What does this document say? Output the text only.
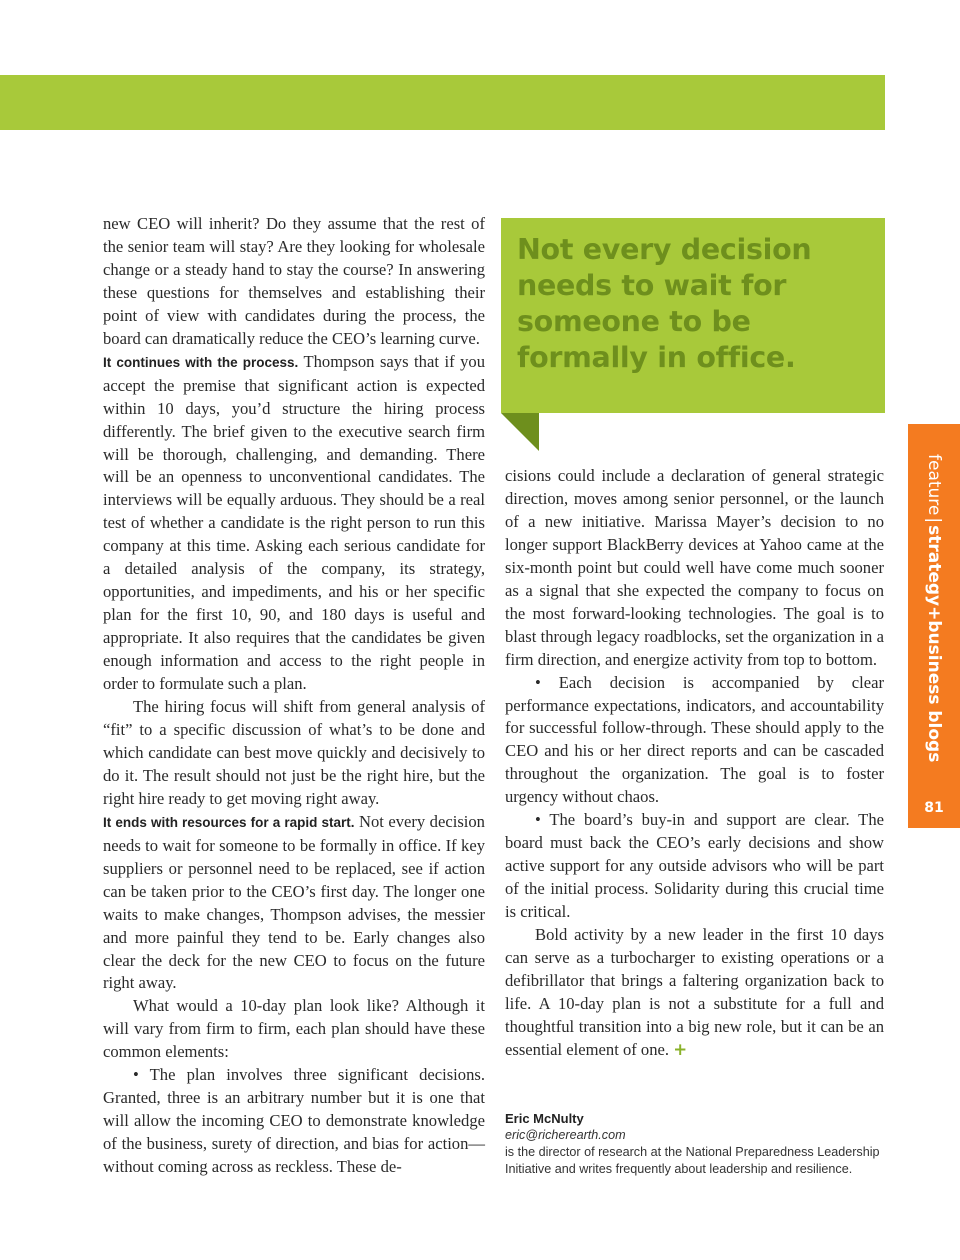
new CEO will inherit? Do they assume that the rest of the senior team will stay? Are they looking for wholesale change or a steady hand to stay the course? In answering these questions for themselves and establishing their point of view with candidates during the process, the board can dramatically reduce the CEO’s learning curve.

It continues with the process. Thompson says that if you accept the premise that significant action is expected within 10 days, you’d structure the hiring process differently. The brief given to the executive search firm will be thorough, challenging, and demanding. There will be an openness to unconventional candidates. The interviews will be equally arduous. They should be a real test of whether a candidate is the right person to run this company at this time. Asking each serious candidate for a detailed analysis of the company, its strategy, opportunities, and impediments, and his or her specific plan for the first 10, 90, and 180 days is useful and appropriate. It also requires that the candidates be given enough information and access to the right people in order to formulate such a plan.

The hiring focus will shift from general analysis of “fit” to a specific discussion of what’s to be done and which candidate can best move quickly and decisively to do it. The result should not just be the right hire, but the right hire ready to get moving right away.

It ends with resources for a rapid start. Not every decision needs to wait for someone to be formally in office. If key suppliers or personnel need to be replaced, see if action can be taken prior to the CEO’s first day. The longer one waits to make changes, Thompson advises, the messier and more painful they tend to be. Early changes also clear the deck for the new CEO to focus on the future right away.

What would a 10-day plan look like? Although it will vary from firm to firm, each plan should have these common elements:

• The plan involves three significant decisions. Granted, three is an arbitrary number but it is one that will allow the incoming CEO to demonstrate knowledge of the business, surety of direction, and bias for action—without coming across as reckless. These de-

Not every decision needs to wait for someone to be formally in office.

cisions could include a declaration of general strategic direction, moves among senior personnel, or the launch of a new initiative. Marissa Mayer’s decision to no longer support BlackBerry devices at Yahoo came at the six-month point but could well have come much sooner as a signal that she expected the company to focus on the most forward-looking technologies. The goal is to blast through legacy roadblocks, set the organization in a firm direction, and energize activity from top to bottom.

• Each decision is accompanied by clear performance expectations, indicators, and accountability for successful follow-through. These should apply to the CEO and his or her direct reports and can be cascaded throughout the organization. The goal is to foster urgency without chaos.

• The board’s buy-in and support are clear. The board must back the CEO’s early decisions and show active support for any outside advisors who will be part of the initial process. Solidarity during this crucial time is critical.

Bold activity by a new leader in the first 10 days can serve as a turbocharger to existing operations or a defibrillator that brings a faltering organization back to life. A 10-day plan is not a substitute for a full and thoughtful transition into a big new role, but it can be an essential element of one. +

feature|strategy+business blogs
81
Eric McNulty
eric@richerearth.com
is the director of research at the National Preparedness Leadership Initiative and writes frequently about leadership and resilience.
